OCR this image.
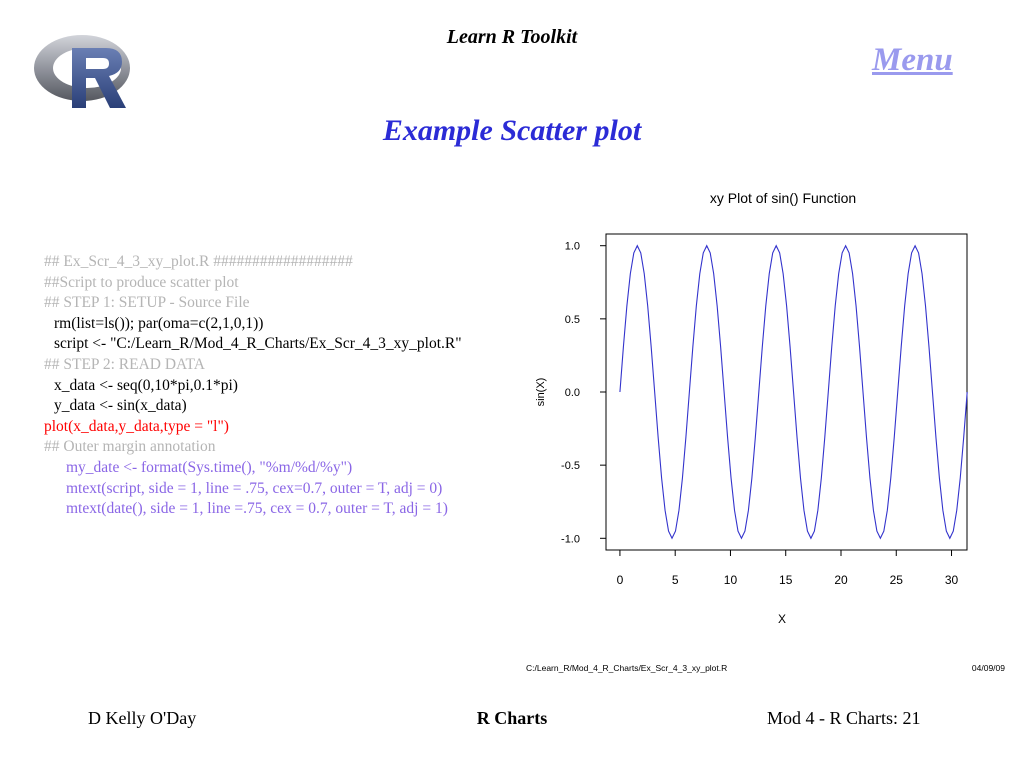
Learn R Toolkit
Menu
Example Scatter plot
## Ex_Scr_4_3_xy_plot.R ##################
##Script to produce scatter plot
## STEP 1: SETUP - Source File
rm(list=ls()); par(oma=c(2,1,0,1))
script <- "C:/Learn_R/Mod_4_R_Charts/Ex_Scr_4_3_xy_plot.R"
## STEP 2: READ DATA
x_data <- seq(0,10*pi,0.1*pi)
y_data <- sin(x_data)
plot(x_data,y_data,type = "l")
## Outer margin annotation
my_date <- format(Sys.time(), "%m/%d/%y")
mtext(script, side = 1, line = .75, cex=0.7, outer = T, adj = 0)
mtext(date(), side = 1, line =.75, cex = 0.7, outer = T, adj = 1)
xy Plot of sin() Function
0	5	10	15	20	25	30
-1.0
-0.5
0.0
0.5
1.0
X
sin(X)
C:/Learn_R/Mod_4_R_Charts/Ex_Scr_4_3_xy_plot.R	04/09/09
D Kelly O'Day	R Charts	Mod 4 - R Charts: 21
